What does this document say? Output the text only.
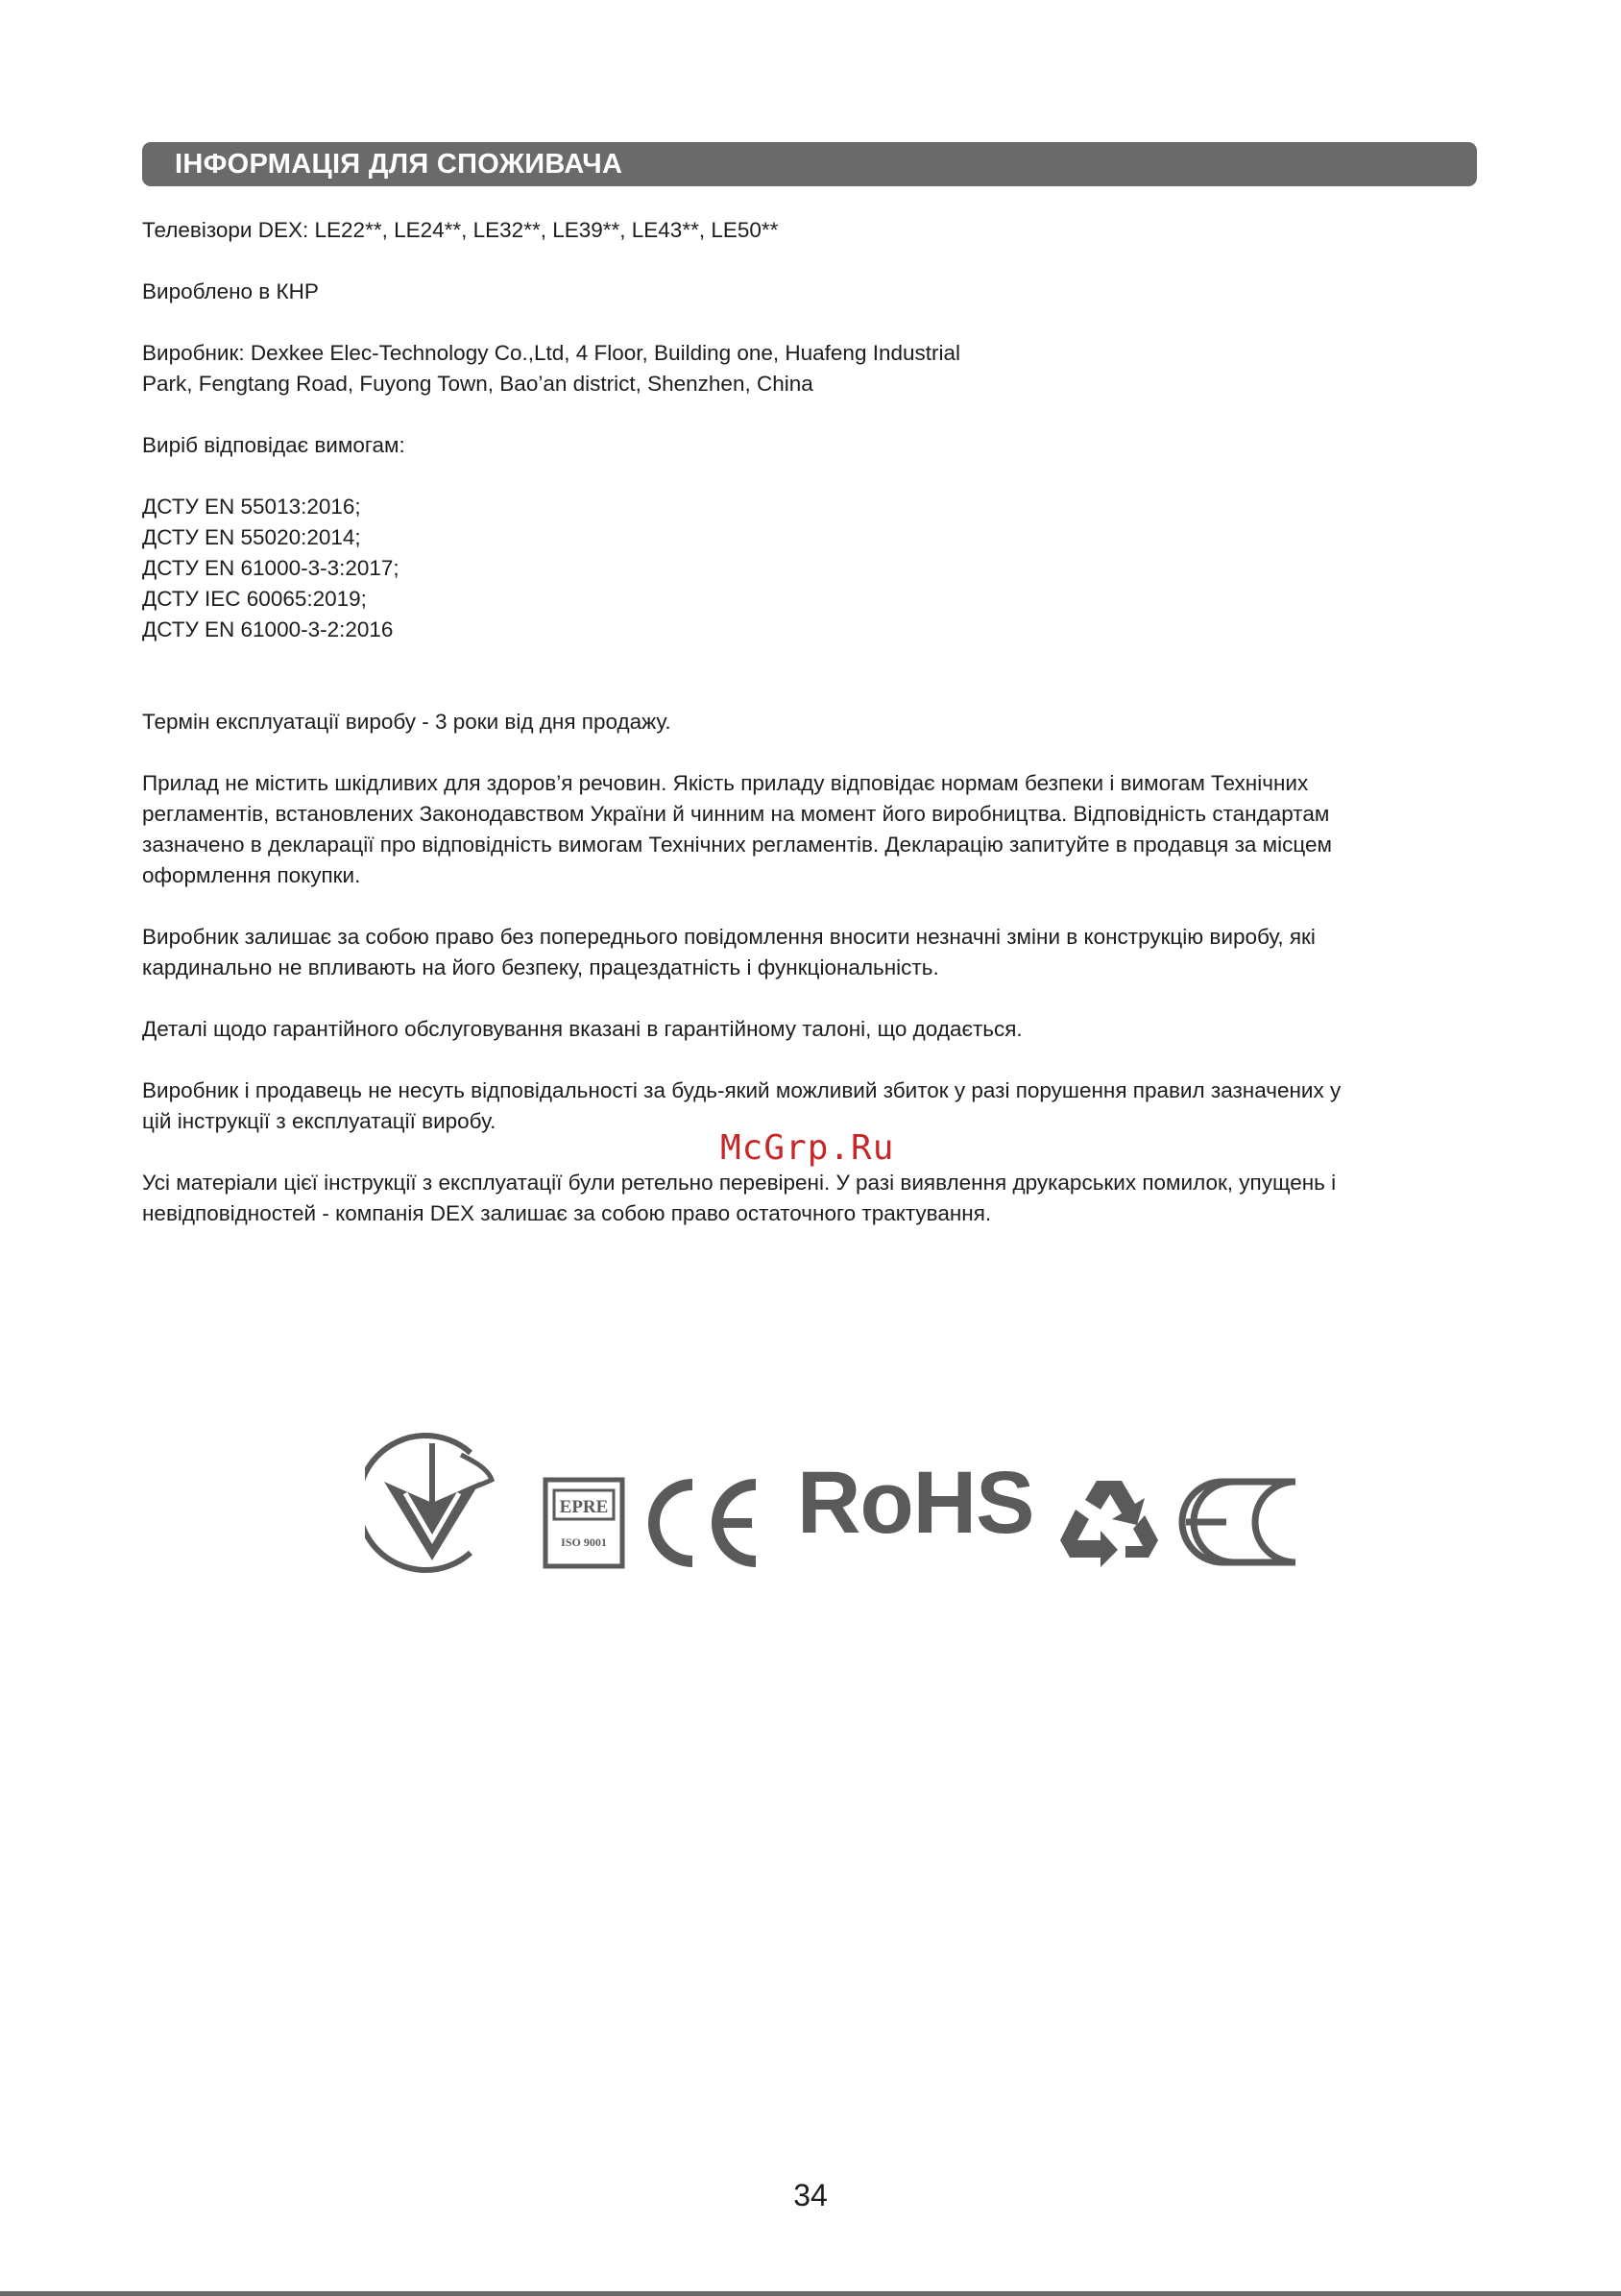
ІНФОРМАЦІЯ ДЛЯ СПОЖИВАЧА
Телевізори DEX: LE22**, LE24**, LE32**, LE39**, LE43**, LE50**
Вироблено в КНР
Виробник: Dexkee Elec-Technology Co.,Ltd, 4 Floor, Building one, Huafeng Industrial
Park, Fengtang Road, Fuyong Town, Bao’an district, Shenzhen, China
Виріб відповідає вимогам:
ДСТУ EN 55013:2016;
ДСТУ EN 55020:2014;
ДСТУ EN 61000-3-3:2017;
ДСТУ IEC 60065:2019;
ДСТУ EN 61000-3-2:2016
Термін експлуатації виробу - 3 роки від дня продажу.
Прилад не містить шкідливих для здоров’я речовин. Якість приладу відповідає нормам безпеки і вимогам Технічних
регламентів, встановлених Законодавством України й чинним на момент його виробництва. Відповідність стандартам
зазначено в декларації про відповідність вимогам Технічних регламентів. Декларацію запитуйте в продавця за місцем
оформлення покупки.
Виробник залишає за собою право без попереднього повідомлення вносити незначні зміни в конструкцію виробу, які
кардинально не впливають на його безпеку, працездатність і функціональність.
Деталі щодо гарантійного обслуговування вказані в гарантійному талоні, що додається.
Виробник і продавець не несуть відповідальності за будь-який можливий збиток у разі порушення правил зазначених у
цій інструкції з експлуатації виробу.
Усі матеріали цієї інструкції з експлуатації були ретельно перевірені. У разі виявлення друкарських помилок, упущень і
невідповідностей - компанія DEX залишає за собою право остаточного трактування.
McGrp.Ru
EPRE
ISO 9001 RoHS
34
